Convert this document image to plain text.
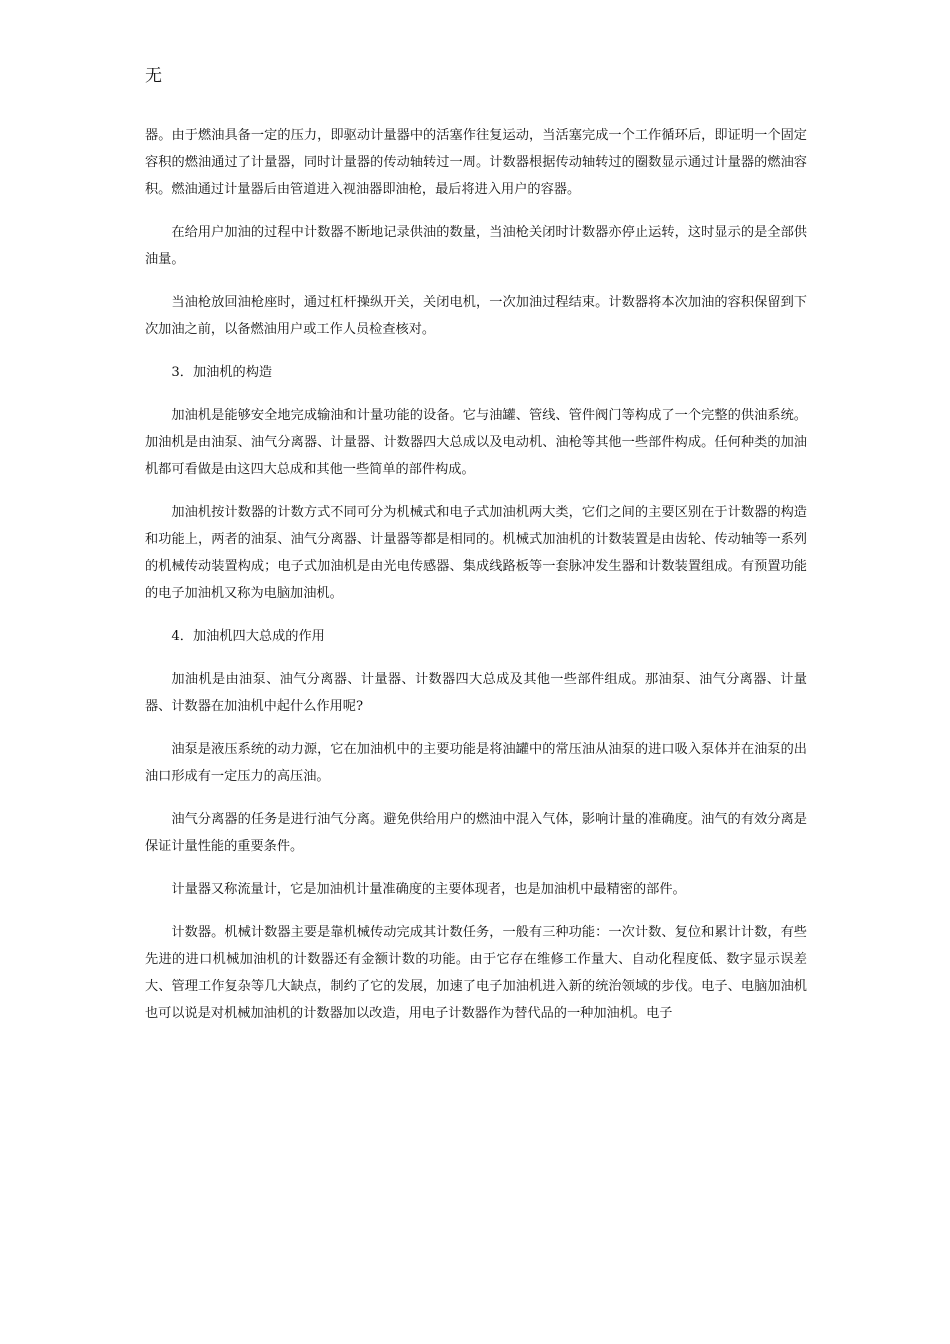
无

器。由于燃油具备一定的压力，即驱动计量器中的活塞作往复运动，当活塞完成一个工作循环后，即证明一个固定容积的燃油通过了计量器，同时计量器的传动轴转过一周。计数器根据传动轴转过的圈数显示通过计量器的燃油容积。燃油通过计量器后由管道进入视油器即油枪，最后将进入用户的容器。

在给用户加油的过程中计数器不断地记录供油的数量，当油枪关闭时计数器亦停止运转，这时显示的是全部供油量。

当油枪放回油枪座时，通过杠杆操纵开关，关闭电机，一次加油过程结束。计数器将本次加油的容积保留到下次加油之前，以备燃油用户或工作人员检查核对。

3．加油机的构造

加油机是能够安全地完成输油和计量功能的设备。它与油罐、管线、管件阀门等构成了一个完整的供油系统。加油机是由油泵、油气分离器、计量器、计数器四大总成以及电动机、油枪等其他一些部件构成。任何种类的加油机都可看做是由这四大总成和其他一些简单的部件构成。

加油机按计数器的计数方式不同可分为机械式和电子式加油机两大类，它们之间的主要区别在于计数器的构造和功能上，两者的油泵、油气分离器、计量器等都是相同的。机械式加油机的计数装置是由齿轮、传动轴等一系列的机械传动装置构成；电子式加油机是由光电传感器、集成线路板等一套脉冲发生器和计数装置组成。有预置功能的电子加油机又称为电脑加油机。

4．加油机四大总成的作用

加油机是由油泵、油气分离器、计量器、计数器四大总成及其他一些部件组成。那油泵、油气分离器、计量器、计数器在加油机中起什么作用呢?

油泵是液压系统的动力源，它在加油机中的主要功能是将油罐中的常压油从油泵的进口吸入泵体并在油泵的出油口形成有一定压力的高压油。

油气分离器的任务是进行油气分离。避免供给用户的燃油中混入气体，影响计量的准确度。油气的有效分离是保证计量性能的重要条件。

计量器又称流量计，它是加油机计量准确度的主要体现者，也是加油机中最精密的部件。

计数器。机械计数器主要是靠机械传动完成其计数任务，一般有三种功能：一次计数、复位和累计计数，有些先进的进口机械加油机的计数器还有金额计数的功能。由于它存在维修工作量大、自动化程度低、数字显示误差大、管理工作复杂等几大缺点，制约了它的发展，加速了电子加油机进入新的统治领域的步伐。电子、电脑加油机也可以说是对机械加油机的计数器加以改造，用电子计数器作为替代品的一种加油机。电子
